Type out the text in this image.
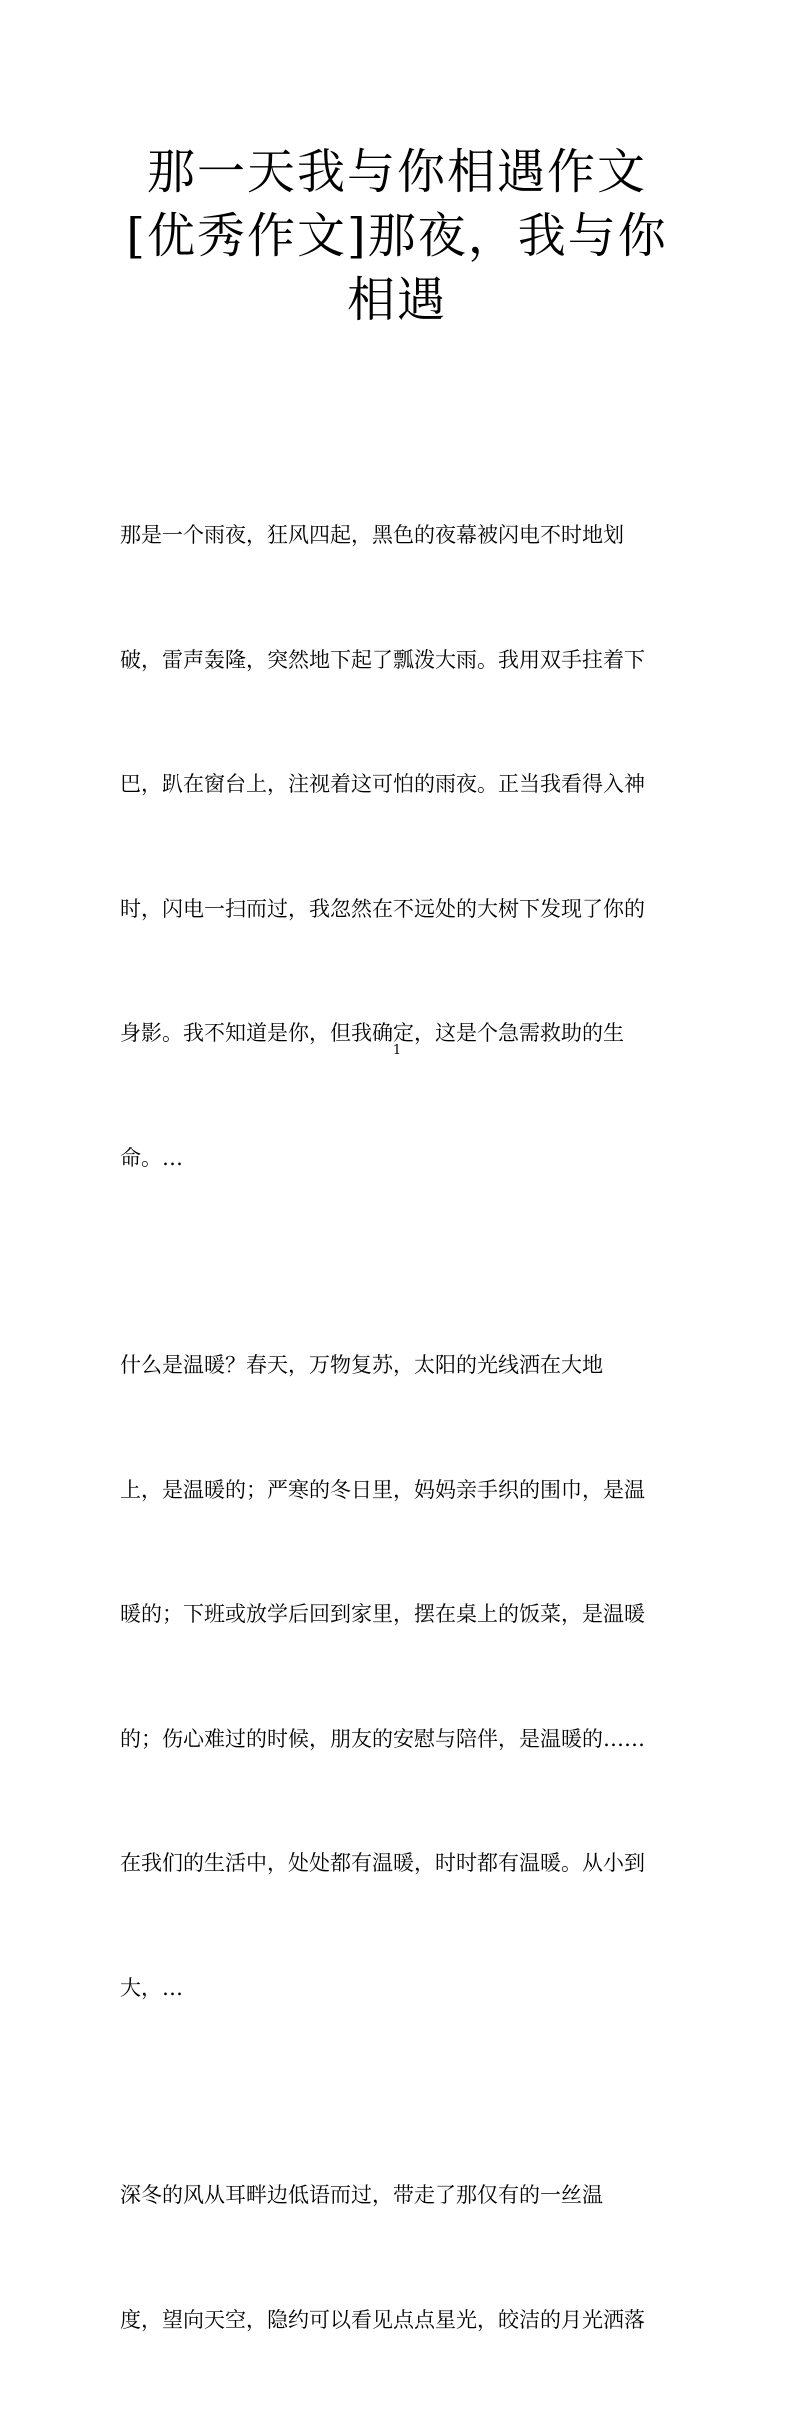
那一天我与你相遇作文
[优秀作文]那夜，我与你
相遇

那是一个雨夜，狂风四起，黑色的夜幕被闪电不时地划

破，雷声轰隆，突然地下起了瓢泼大雨。我用双手拄着下

巴，趴在窗台上，注视着这可怕的雨夜。正当我看得入神

时，闪电一扫而过，我忽然在不远处的大树下发现了你的

身影。我不知道是你，但我确定，这是个急需救助的生

命。…

什么是温暖？春天，万物复苏，太阳的光线洒在大地

上，是温暖的；严寒的冬日里，妈妈亲手织的围巾，是温

暖的；下班或放学后回到家里，摆在桌上的饭菜，是温暖

的；伤心难过的时候，朋友的安慰与陪伴，是温暖的……

在我们的生活中，处处都有温暖，时时都有温暖。从小到

大，…

深冬的风从耳畔边低语而过，带走了那仅有的一丝温

度，望向天空，隐约可以看见点点星光，皎洁的月光洒落

1
